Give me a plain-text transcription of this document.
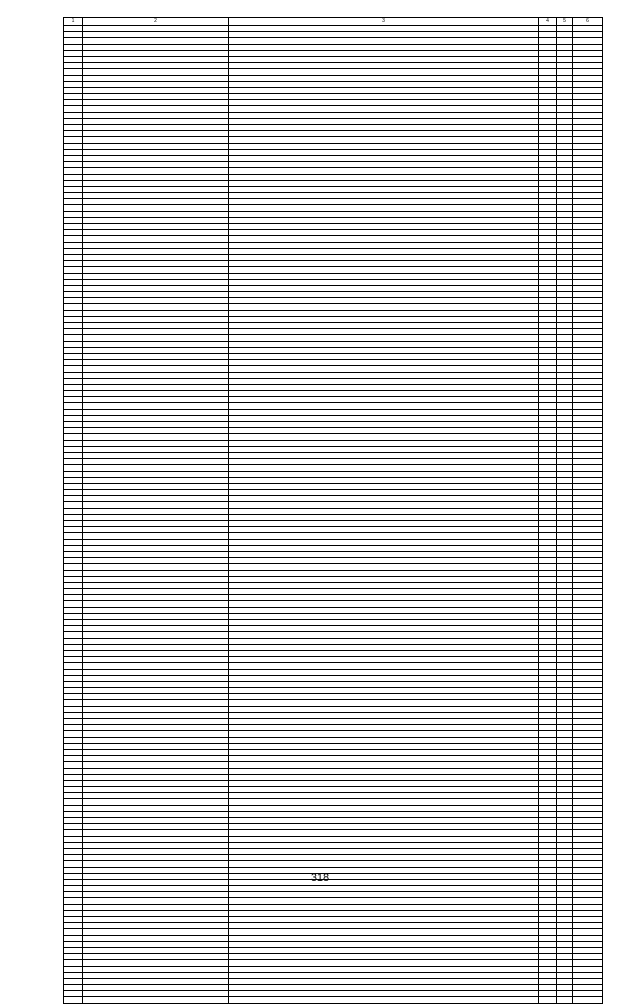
1	2	3	4	5	6	

318
